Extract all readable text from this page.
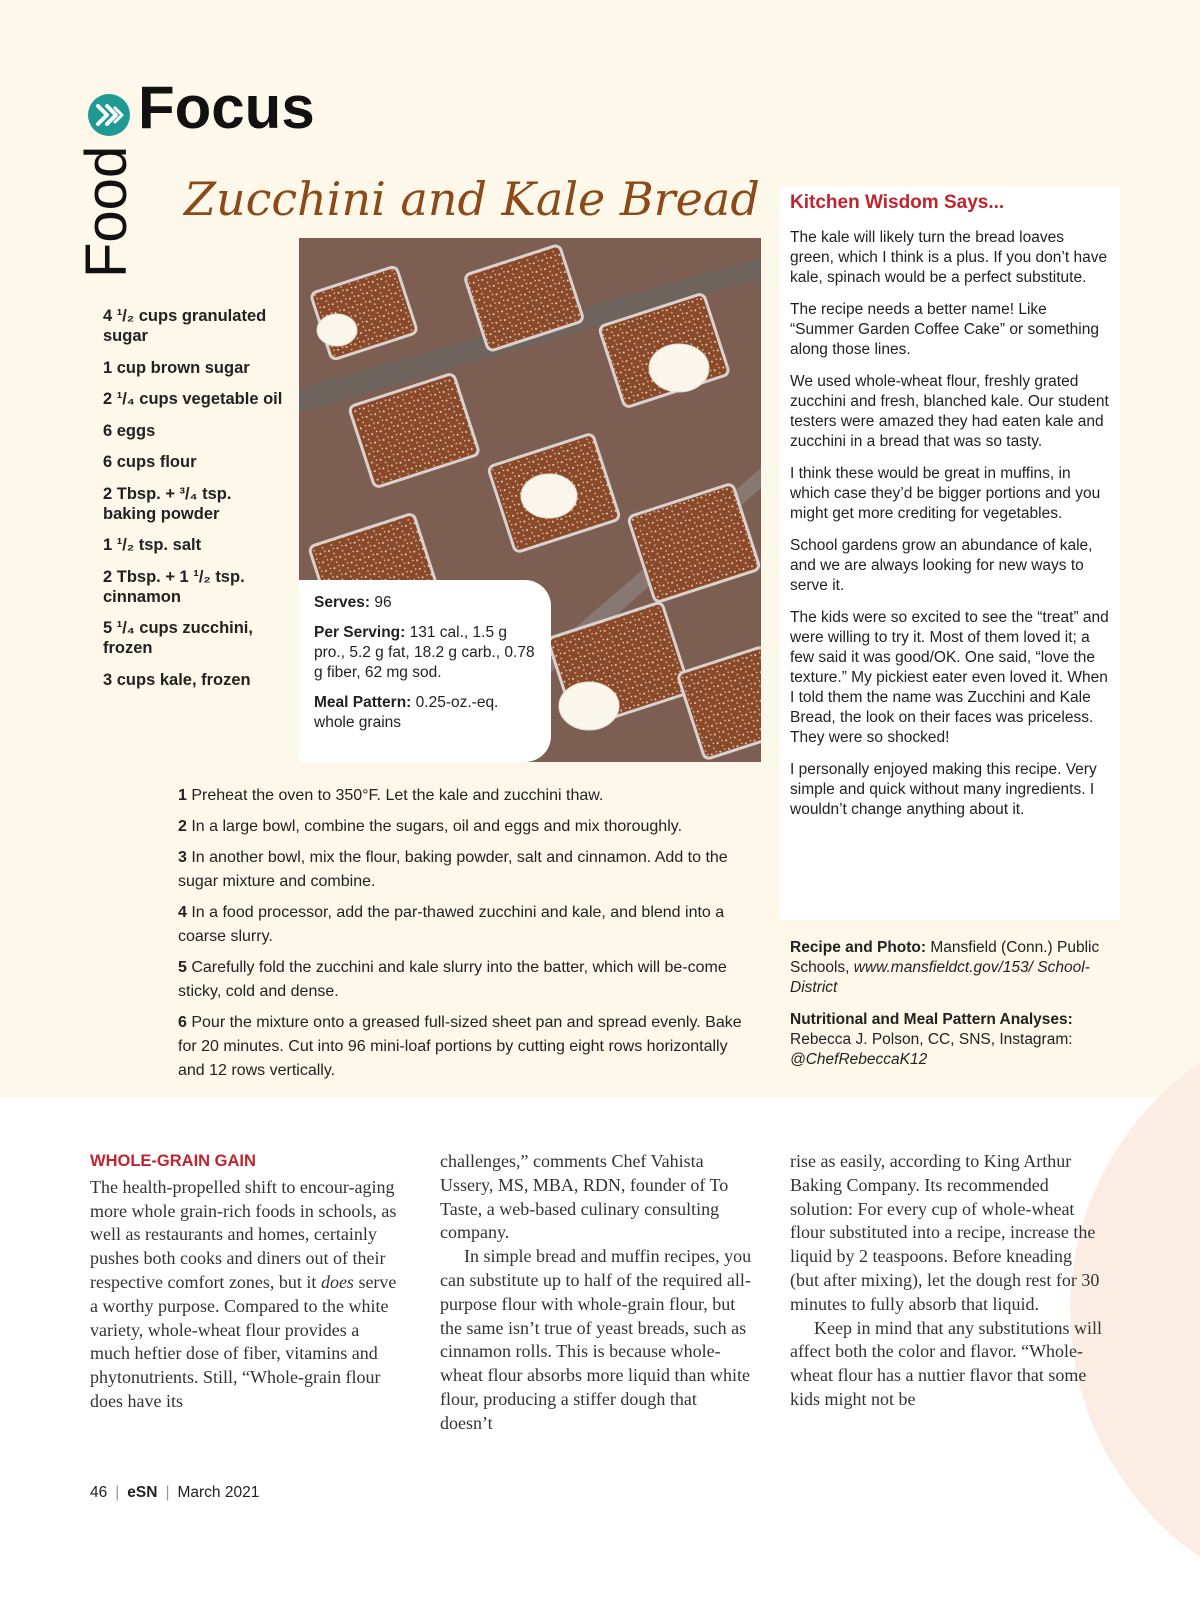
Focus
Food Zucchini and Kale Bread
4 ¹/₂ cups granulated sugar
1 cup brown sugar
2 ¹/₄ cups vegetable oil
6 eggs
6 cups flour
2 Tbsp. + ³/₄ tsp. baking powder
1 ¹/₂ tsp. salt
2 Tbsp. + 1 ¹/₂ tsp. cinnamon
5 ¹/₄ cups zucchini, frozen
3 cups kale, frozen

Serves: 96

Per Serving: 131 cal., 1.5 g pro., 5.2 g fat, 18.2 g carb., 0.78 g fiber, 62 mg sod.

Meal Pattern: 0.25-oz.-eq. whole grains

1 Preheat the oven to 350°F. Let the kale and zucchini thaw.

2 In a large bowl, combine the sugars, oil and eggs and mix thoroughly.

3 In another bowl, mix the flour, baking powder, salt and cinnamon. Add to the sugar mixture and combine.

4 In a food processor, add the par-thawed zucchini and kale, and blend into a coarse slurry.

5 Carefully fold the zucchini and kale slurry into the batter, which will be-come sticky, cold and dense.

6 Pour the mixture onto a greased full-sized sheet pan and spread evenly. Bake for 20 minutes. Cut into 96 mini-loaf portions by cutting eight rows horizontally and 12 rows vertically.

Kitchen Wisdom Says...

The kale will likely turn the bread loaves green, which I think is a plus. If you don’t have kale, spinach would be a perfect substitute.

The recipe needs a better name! Like “Summer Garden Coffee Cake” or something along those lines.

We used whole-wheat flour, freshly grated zucchini and fresh, blanched kale. Our student testers were amazed they had eaten kale and zucchini in a bread that was so tasty.

I think these would be great in muffins, in which case they’d be bigger portions and you might get more crediting for vegetables.

School gardens grow an abundance of kale, and we are always looking for new ways to serve it.

The kids were so excited to see the “treat” and were willing to try it. Most of them loved it; a few said it was good/OK. One said, “love the texture.” My pickiest eater even loved it. When I told them the name was Zucchini and Kale Bread, the look on their faces was priceless. They were so shocked!

I personally enjoyed making this recipe. Very simple and quick without many ingredients. I wouldn’t change anything about it.

Recipe and Photo: Mansfield (Conn.) Public Schools, www.mansfieldct.gov/153/ School-District

Nutritional and Meal Pattern Analyses: Rebecca J. Polson, CC, SNS, Instagram: @ChefRebeccaK12

WHOLE-GRAIN GAIN

The health-propelled shift to encour-aging more whole grain-rich foods in schools, as well as restaurants and homes, certainly pushes both cooks and diners out of their respective comfort zones, but it does serve a worthy purpose. Compared to the white variety, whole-wheat flour provides a much heftier dose of fiber, vitamins and phytonutrients. Still, “Whole-grain flour does have its

challenges,” comments Chef Vahista Ussery, MS, MBA, RDN, founder of To Taste, a web-based culinary consulting company.

In simple bread and muffin recipes, you can substitute up to half of the required all-purpose flour with whole-grain flour, but the same isn’t true of yeast breads, such as cinnamon rolls. This is because whole-wheat flour absorbs more liquid than white flour, producing a stiffer dough that doesn’t

rise as easily, according to King Arthur Baking Company. Its recommended solution: For every cup of whole-wheat flour substituted into a recipe, increase the liquid by 2 teaspoons. Before kneading (but after mixing), let the dough rest for 30 minutes to fully absorb that liquid.

Keep in mind that any substitutions will affect both the color and flavor. “Whole-wheat flour has a nuttier flavor that some kids might not be

46 | eSN | March 2021
